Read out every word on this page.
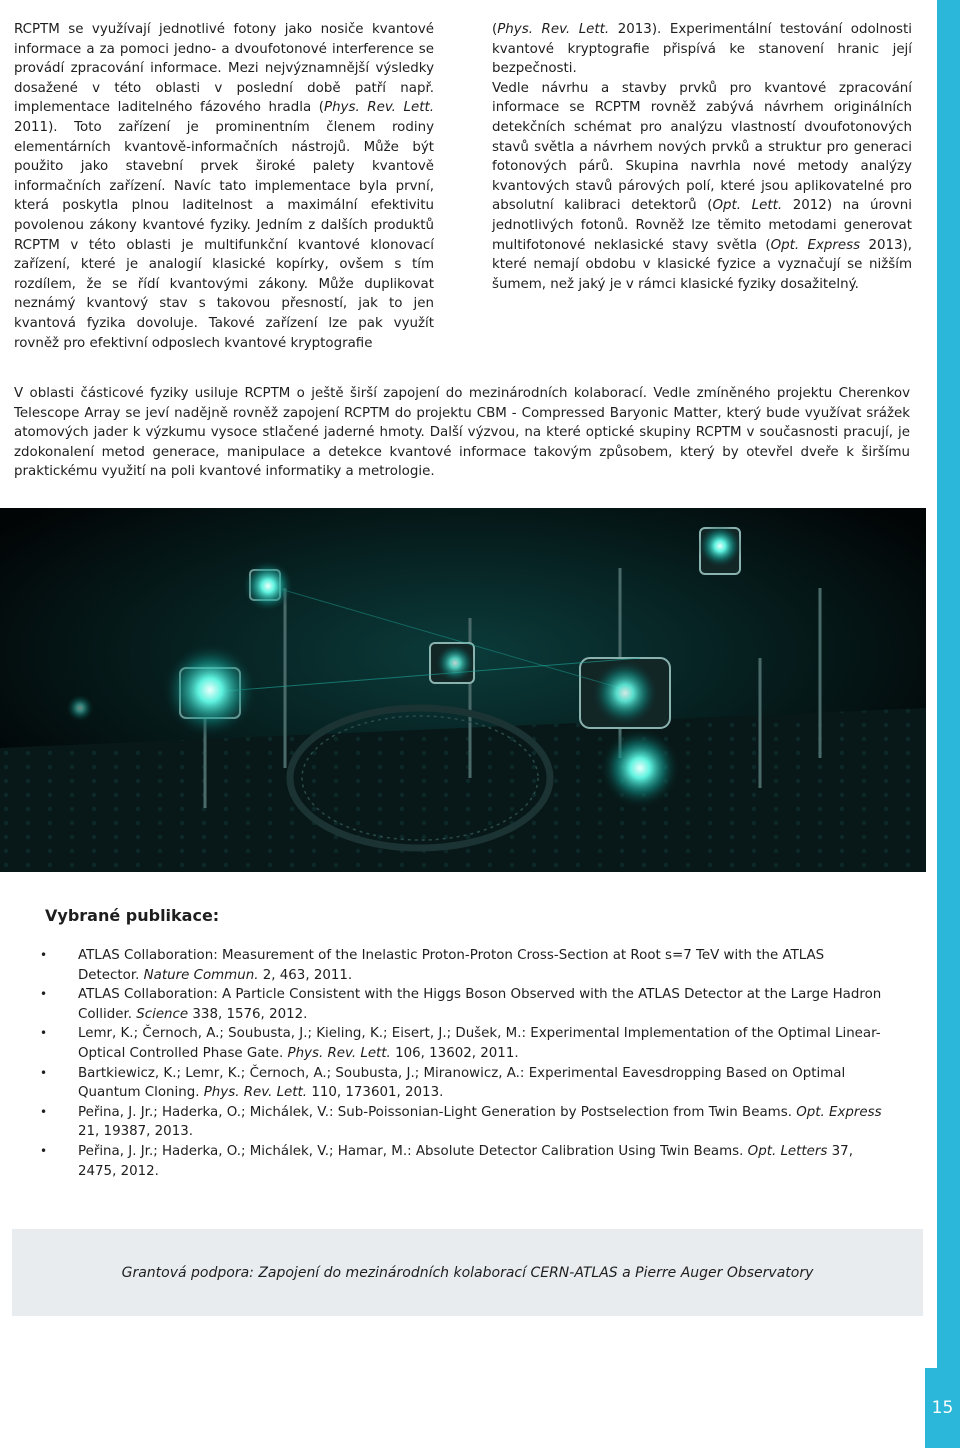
RCPTM se využívají jednotlivé fotony jako nosiče kvantové informace a za pomoci jedno- a dvoufotonové interference se provádí zpracování informace. Mezi nejvýznamnější výsledky dosažené v této oblasti v poslední době patří např. implementace laditelného fázového hradla (Phys. Rev. Lett. 2011). Toto zařízení je prominentním členem rodiny elementárních kvantově-informačních nástrojů. Může být použito jako stavební prvek široké palety kvantově informačních zařízení. Navíc tato implementace byla první, která poskytla plnou laditelnost a maximální efektivitu povolenou zákony kvantové fyziky. Jedním z dalších produktů RCPTM v této oblasti je multifunkční kvantové klonovací zařízení, které je analogií klasické kopírky, ovšem s tím rozdílem, že se řídí kvantovými zákony. Může duplikovat neznámý kvantový stav s takovou přesností, jak to jen kvantová fyzika dovoluje. Takové zařízení lze pak využít rovněž pro efektivní odposlech kvantové kryptografie

(Phys. Rev. Lett. 2013). Experimentální testování odolnosti kvantové kryptografie přispívá ke stanovení hranic její bezpečnosti.
Vedle návrhu a stavby prvků pro kvantové zpracování informace se RCPTM rovněž zabývá návrhem originálních detekčních schémat pro analýzu vlastností dvoufotonových stavů světla a návrhem nových prvků a struktur pro generaci fotonových párů. Skupina navrhla nové metody analýzy kvantových stavů párových polí, které jsou aplikovatelné pro absolutní kalibraci detektorů (Opt. Lett. 2012) na úrovni jednotlivých fotonů. Rovněž lze těmito metodami generovat multifotonové neklasické stavy světla (Opt. Express 2013), které nemají obdobu v klasické fyzice a vyznačují se nižším šumem, než jaký je v rámci klasické fyziky dosažitelný.

V oblasti částicové fyziky usiluje RCPTM o ještě širší zapojení do mezinárodních kolaborací. Vedle zmíněného projektu Cherenkov Telescope Array se jeví nadějně rovněž zapojení RCPTM do projektu CBM - Compressed Baryonic Matter, který bude využívat srážek atomových jader k výzkumu vysoce stlačené jaderné hmoty. Další výzvou, na které optické skupiny RCPTM v současnosti pracují, je zdokonalení metod generace, manipulace a detekce kvantové informace takovým způsobem, který by otevřel dveře k širšímu praktickému využití na poli kvantové informatiky a metrologie.

Vybrané publikace:
• ATLAS Collaboration: Measurement of the Inelastic Proton-Proton Cross-Section at Root s=7 TeV with the ATLAS Detector. Nature Commun. 2, 463, 2011.
• ATLAS Collaboration: A Particle Consistent with the Higgs Boson Observed with the ATLAS Detector at the Large Hadron Collider. Science 338, 1576, 2012.
• Lemr, K.; Černoch, A.; Soubusta, J.; Kieling, K.; Eisert, J.; Dušek, M.: Experimental Implementation of the Optimal Linear-Optical Controlled Phase Gate. Phys. Rev. Lett. 106, 13602, 2011.
• Bartkiewicz, K.; Lemr, K.; Černoch, A.; Soubusta, J.; Miranowicz, A.: Experimental Eavesdropping Based on Optimal Quantum Cloning. Phys. Rev. Lett. 110, 173601, 2013.
• Peřina, J. Jr.; Haderka, O.; Michálek, V.: Sub-Poissonian-Light Generation by Postselection from Twin Beams. Opt. Express 21, 19387, 2013.
• Peřina, J. Jr.; Haderka, O.; Michálek, V.; Hamar, M.: Absolute Detector Calibration Using Twin Beams. Opt. Letters 37, 2475, 2012.
Grantová podpora: Zapojení do mezinárodních kolaborací CERN-ATLAS a Pierre Auger Observatory
15
